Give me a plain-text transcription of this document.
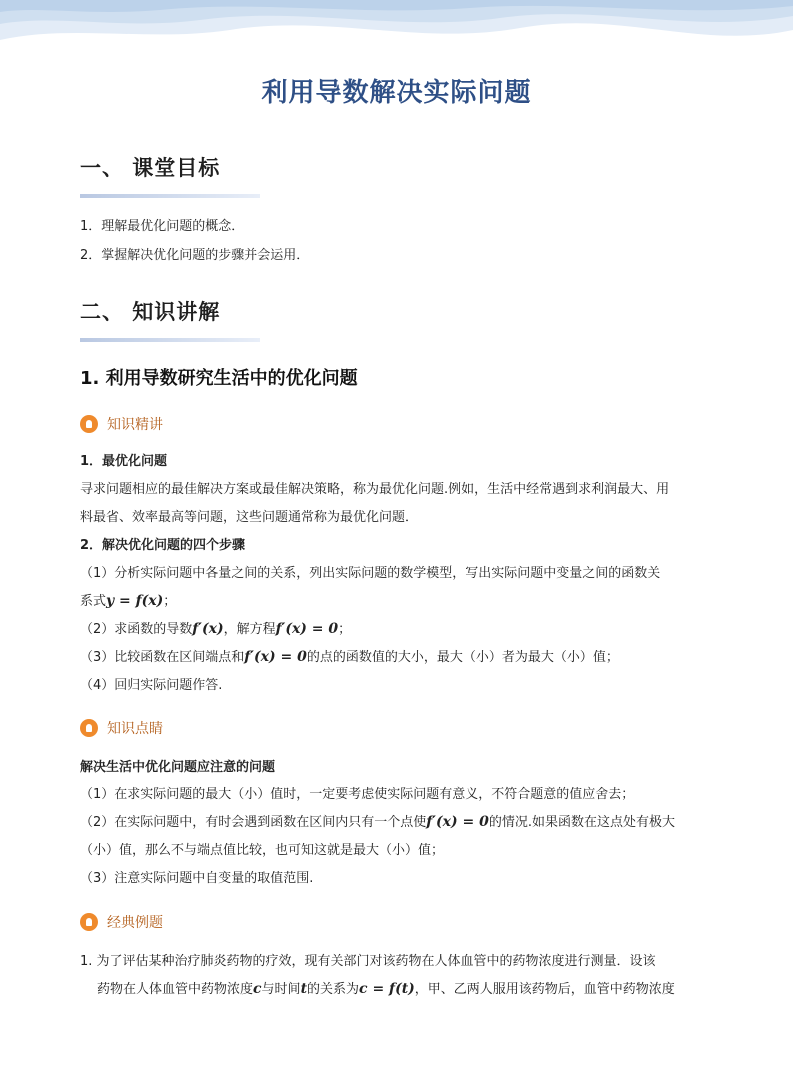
利用导数解决实际问题
一、 课堂目标
1．理解最优化问题的概念．
2．掌握解决优化问题的步骤并会运用．
二、 知识讲解
1. 利用导数研究生活中的优化问题
知识精讲
1．最优化问题
寻求问题相应的最佳解决方案或最佳解决策略，称为最优化问题.例如，生活中经常遇到求利润最大、用
料最省、效率最高等问题，这些问题通常称为最优化问题．
2．解决优化问题的四个步骤
（1）分析实际问题中各量之间的关系，列出实际问题的数学模型，写出实际问题中变量之间的函数关
系式y = f(x)；
（2）求函数的导数f′(x)，解方程f′(x) = 0；
（3）比较函数在区间端点和f′(x) = 0的点的函数值的大小，最大（小）者为最大（小）值；
（4）回归实际问题作答.
知识点睛
解决生活中优化问题应注意的问题
（1）在求实际问题的最大（小）值时，一定要考虑使实际问题有意义，不符合题意的值应舍去；
（2）在实际问题中，有时会遇到函数在区间内只有一个点使f′(x) = 0的情况.如果函数在这点处有极大
（小）值，那么不与端点值比较，也可知这就是最大（小）值；
（3）注意实际问题中自变量的取值范围.
经典例题
1. 为了评估某种治疗肺炎药物的疗效，现有关部门对该药物在人体血管中的药物浓度进行测量．设该
药物在人体血管中药物浓度c与时间t的关系为c = f(t)，甲、乙两人服用该药物后，血管中药物浓度
